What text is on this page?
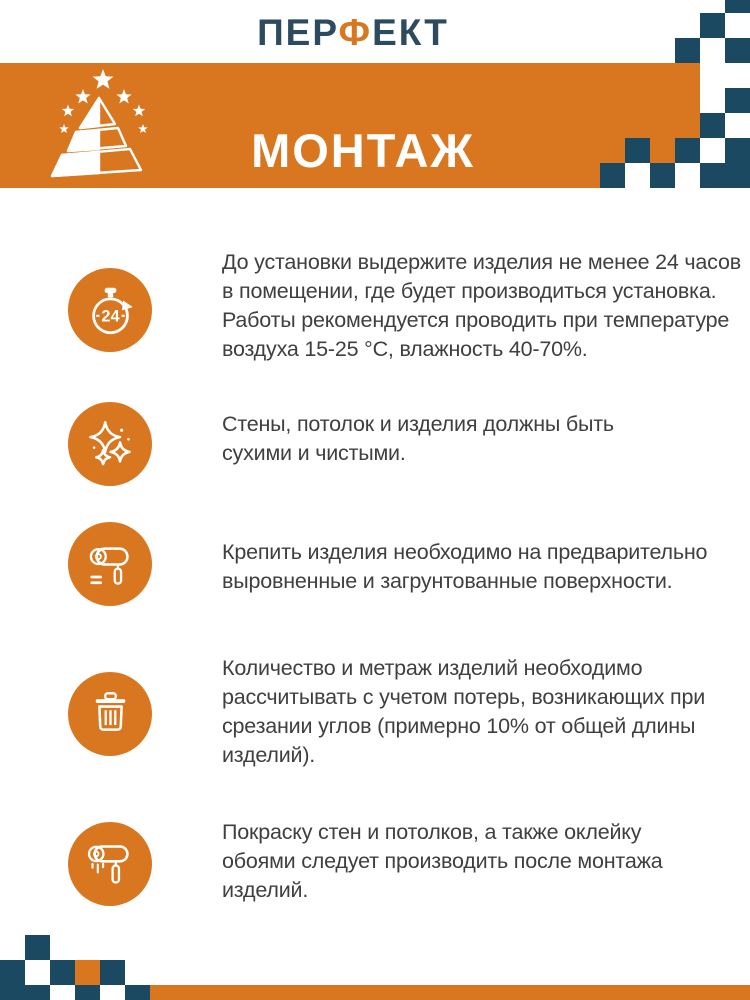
ПЕРФЕКТ
МОНТАЖ
24
До установки выдержите изделия не менее 24 часов
в помещении, где будет производиться установка.
Работы рекомендуется проводить при температуре
воздуха 15-25 °C, влажность 40-70%.
Стены, потолок и изделия должны быть
сухими и чистыми.
Крепить изделия необходимо на предварительно
выровненные и загрунтованные поверхности.
Количество и метраж изделий необходимо
рассчитывать с учетом потерь, возникающих при
срезании углов (примерно 10% от общей длины
изделий).
Покраску стен и потолков, а также оклейку
обоями следует производить после монтажа
изделий.
